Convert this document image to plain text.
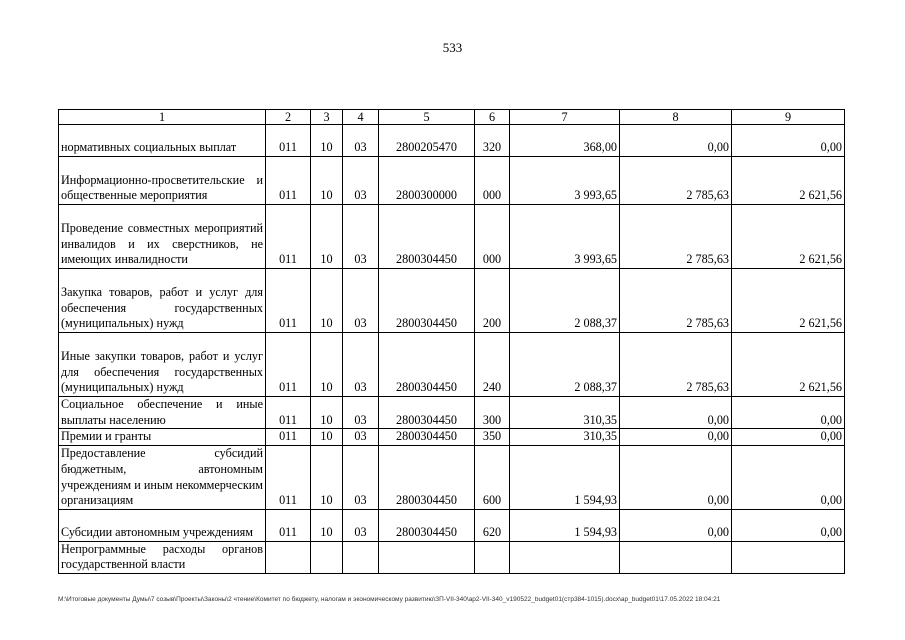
533
1	2	3	4	5	6	7	8	9
нормативных социальных выплат	011	10	03	2800205470	320	368,00	0,00	0,00
Информационно-просветительские и общественные мероприятия	011	10	03	2800300000	000	3 993,65	2 785,63	2 621,56
Проведение совместных мероприятий инвалидов и их сверстников, не имеющих инвалидности	011	10	03	2800304450	000	3 993,65	2 785,63	2 621,56
Закупка товаров, работ и услуг для обеспечения государственных (муниципальных) нужд	011	10	03	2800304450	200	2 088,37	2 785,63	2 621,56
Иные закупки товаров, работ и услуг для обеспечения государственных (муниципальных) нужд	011	10	03	2800304450	240	2 088,37	2 785,63	2 621,56
Социальное обеспечение и иные выплаты населению	011	10	03	2800304450	300	310,35	0,00	0,00
Премии и гранты	011	10	03	2800304450	350	310,35	0,00	0,00
Предоставление субсидий бюджетным, автономным учреждениям и иным некоммерческим организациям	011	10	03	2800304450	600	1 594,93	0,00	0,00
Субсидии автономным учреждениям	011	10	03	2800304450	620	1 594,93	0,00	0,00
Непрограммные расходы органов государственной власти								
M:\Итоговые документы Думы\7 созыв\Проекты\Законы\2 чтение\Комитет по бюджету, налогам и экономическому развитию\ЗП-VII-340\ap2-VII-340_v190522_budget01(стр384-1015).docx\ap_budget01\17.05.2022 18:04:21
